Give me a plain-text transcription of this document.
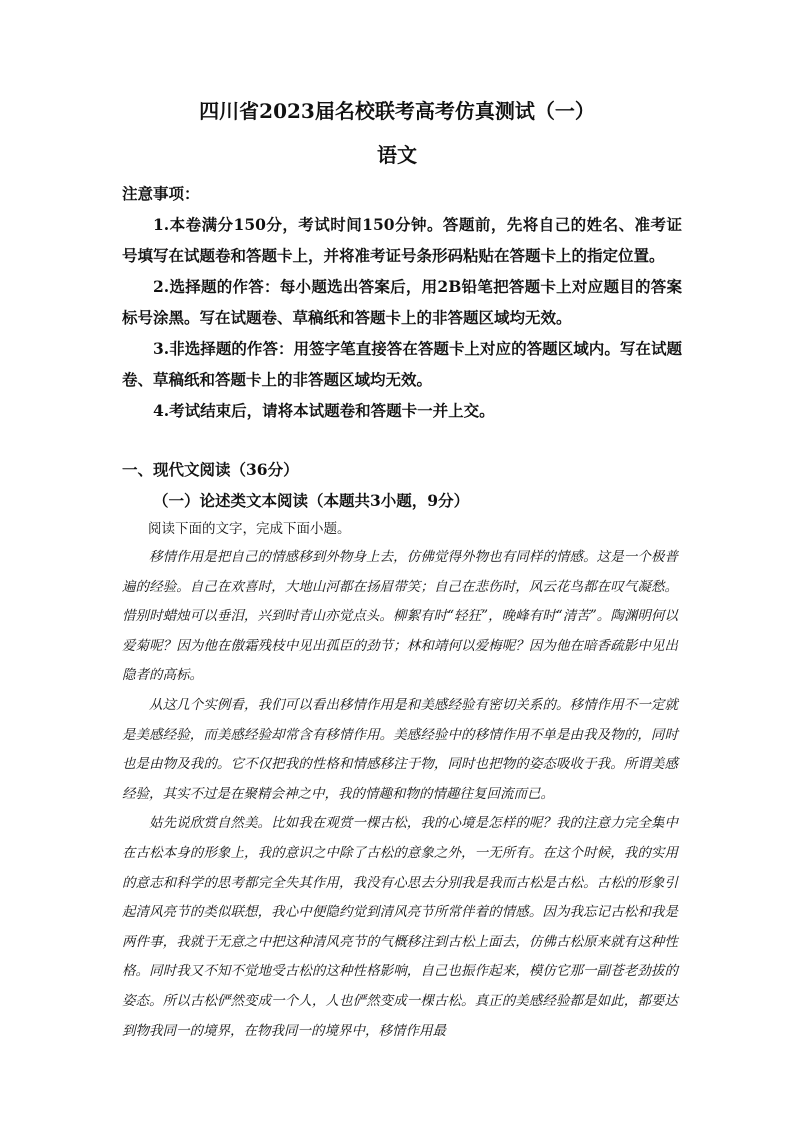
四川省2023届名校联考高考仿真测试（一）
语文

注意事项：

1.本卷满分150分，考试时间150分钟。答题前，先将自己的姓名、准考证号填写在试题卷和答题卡上，并将准考证号条形码粘贴在答题卡上的指定位置。

2.选择题的作答：每小题选出答案后，用2B铅笔把答题卡上对应题目的答案标号涂黑。写在试题卷、草稿纸和答题卡上的非答题区域均无效。

3.非选择题的作答：用签字笔直接答在答题卡上对应的答题区域内。写在试题卷、草稿纸和答题卡上的非答题区域均无效。

4.考试结束后，请将本试题卷和答题卡一并上交。

一、现代文阅读（36分）
（一）论述类文本阅读（本题共3小题，9分）
阅读下面的文字，完成下面小题。

移情作用是把自己的情感移到外物身上去，仿佛觉得外物也有同样的情感。这是一个极普遍的经验。自己在欢喜时，大地山河都在扬眉带笑；自己在悲伤时，风云花鸟都在叹气凝愁。惜别时蜡烛可以垂泪，兴到时青山亦觉点头。柳絮有时“轻狂”，晚峰有时“清苦”。陶渊明何以爱菊呢？因为他在傲霜残枝中见出孤臣的劲节；林和靖何以爱梅呢？因为他在暗香疏影中见出隐者的高标。

从这几个实例看，我们可以看出移情作用是和美感经验有密切关系的。移情作用不一定就是美感经验，而美感经验却常含有移情作用。美感经验中的移情作用不单是由我及物的，同时也是由物及我的。它不仅把我的性格和情感移注于物，同时也把物的姿态吸收于我。所谓美感经验，其实不过是在聚精会神之中，我的情趣和物的情趣往复回流而已。

姑先说欣赏自然美。比如我在观赏一棵古松，我的心境是怎样的呢？我的注意力完全集中在古松本身的形象上，我的意识之中除了古松的意象之外，一无所有。在这个时候，我的实用的意志和科学的思考都完全失其作用，我没有心思去分别我是我而古松是古松。古松的形象引起清风亮节的类似联想，我心中便隐约觉到清风亮节所常伴着的情感。因为我忘记古松和我是两件事，我就于无意之中把这种清风亮节的气概移注到古松上面去，仿佛古松原来就有这种性格。同时我又不知不觉地受古松的这种性格影响，自己也振作起来，模仿它那一副苍老劲拔的姿态。所以古松俨然变成一个人，人也俨然变成一棵古松。真正的美感经验都是如此，都要达到物我同一的境界，在物我同一的境界中，移情作用最
